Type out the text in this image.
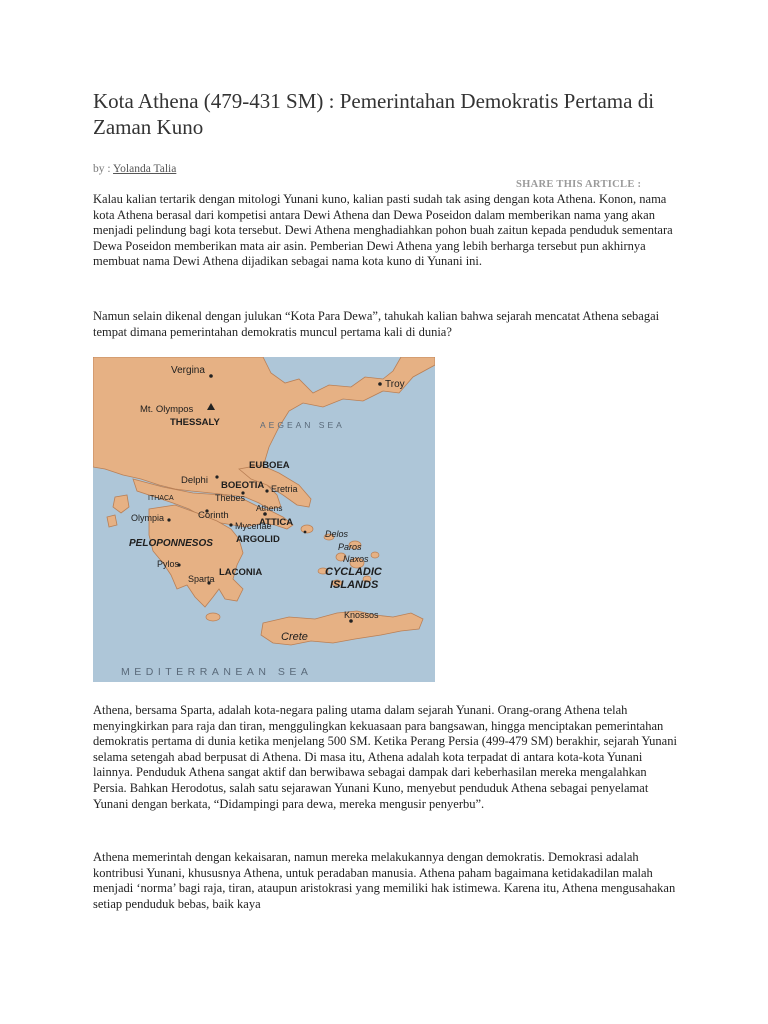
Kota Athena (479-431 SM) : Pemerintahan Demokratis Pertama di Zaman Kuno
by : Yolanda Talia
SHARE THIS ARTICLE :

Kalau kalian tertarik dengan mitologi Yunani kuno, kalian pasti sudah tak asing dengan kota Athena. Konon, nama kota Athena berasal dari kompetisi antara Dewi Athena dan Dewa Poseidon dalam memberikan nama yang akan menjadi pelindung bagi kota tersebut. Dewi Athena menghadiahkan pohon buah zaitun kepada penduduk sementara Dewa Poseidon memberikan mata air asin. Pemberian Dewi Athena yang lebih berharga tersebut pun akhirnya membuat nama Dewi Athena dijadikan sebagai nama kota kuno di Yunani ini.

Namun selain dikenal dengan julukan “Kota Para Dewa”, tahukah kalian bahwa sejarah mencatat Athena sebagai tempat dimana pemerintahan demokratis muncul pertama kali di dunia?

Vergina
Troy
Mt. Olympos
THESSALY	AEGEAN SEA
EUBOEA
Delphi BOEOTIA Eretria
ITHACA	Thebes
Athens
Olympia	Corinth
Mycenae
ATTICA
PELOPONNESOS ARGOLID	Delos
Paros
Naxos
Sparta
Pylos
LACONIA	CYCLADIC
ISLANDS
Knossos
Crete
MEDITERRANEAN SEA

Athena, bersama Sparta, adalah kota-negara paling utama dalam sejarah Yunani. Orang-orang Athena telah menyingkirkan para raja dan tiran, menggulingkan kekuasaan para bangsawan, hingga menciptakan pemerintahan demokratis pertama di dunia ketika menjelang 500 SM. Ketika Perang Persia (499-479 SM) berakhir, sejarah Yunani selama setengah abad berpusat di Athena. Di masa itu, Athena adalah kota terpadat di antara kota-kota Yunani lainnya. Penduduk Athena sangat aktif dan berwibawa sebagai dampak dari keberhasilan mereka mengalahkan Persia. Bahkan Herodotus, salah satu sejarawan Yunani Kuno, menyebut penduduk Athena sebagai penyelamat Yunani dengan berkata, “Didampingi para dewa, mereka mengusir penyerbu”.

Athena memerintah dengan kekaisaran, namun mereka melakukannya dengan demokratis. Demokrasi adalah kontribusi Yunani, khususnya Athena, untuk peradaban manusia. Athena paham bagaimana ketidakadilan malah menjadi ‘norma’ bagi raja, tiran, ataupun aristokrasi yang memiliki hak istimewa. Karena itu, Athena mengusahakan setiap penduduk bebas, baik kaya
